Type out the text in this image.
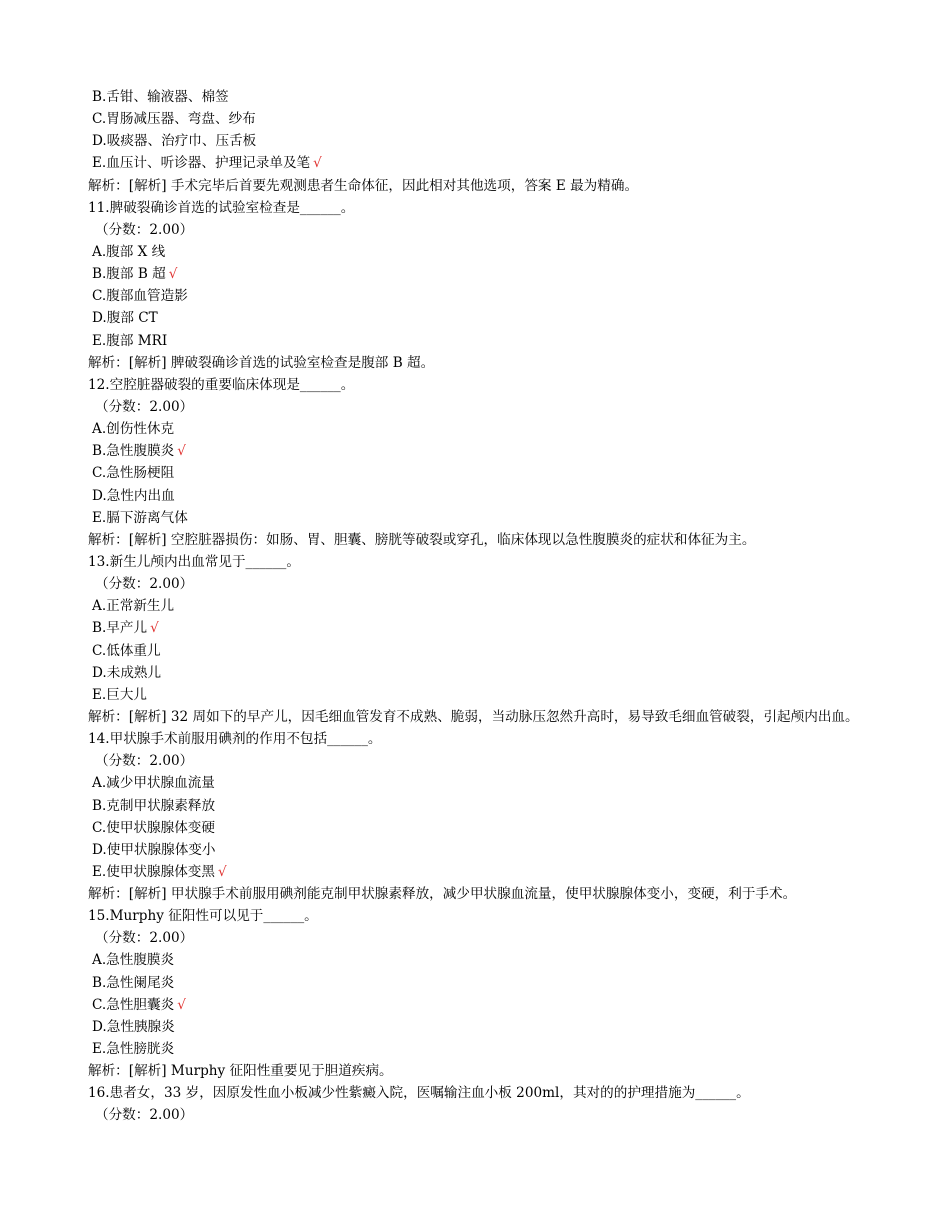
B.舌钳、输液器、棉签
C.胃肠减压器、弯盘、纱布
D.吸痰器、治疗巾、压舌板
E.血压计、听诊器、护理记录单及笔 √
解析：[解析] 手术完毕后首要先观测患者生命体征，因此相对其他选项，答案 E 最为精确。
11.脾破裂确诊首选的试验室检查是______。
（分数：2.00）
A.腹部 X 线
B.腹部 B 超 √
C.腹部血管造影
D.腹部 CT
E.腹部 MRI
解析：[解析] 脾破裂确诊首选的试验室检查是腹部 B 超。
12.空腔脏器破裂的重要临床体现是______。
（分数：2.00）
A.创伤性休克
B.急性腹膜炎 √
C.急性肠梗阻
D.急性内出血
E.膈下游离气体
解析：[解析] 空腔脏器损伤：如肠、胃、胆囊、膀胱等破裂或穿孔，临床体现以急性腹膜炎的症状和体征为主。
13.新生儿颅内出血常见于______。
（分数：2.00）
A.正常新生儿
B.早产儿 √
C.低体重儿
D.未成熟儿
E.巨大儿
解析：[解析] 32 周如下的早产儿，因毛细血管发育不成熟、脆弱，当动脉压忽然升高时，易导致毛细血管破裂，引起颅内出血。
14.甲状腺手术前服用碘剂的作用不包括______。
（分数：2.00）
A.减少甲状腺血流量
B.克制甲状腺素释放
C.使甲状腺腺体变硬
D.使甲状腺腺体变小
E.使甲状腺腺体变黑 √
解析：[解析] 甲状腺手术前服用碘剂能克制甲状腺素释放，减少甲状腺血流量，使甲状腺腺体变小，变硬，利于手术。
15.Murphy 征阳性可以见于______。
（分数：2.00）
A.急性腹膜炎
B.急性阑尾炎
C.急性胆囊炎 √
D.急性胰腺炎
E.急性膀胱炎
解析：[解析] Murphy 征阳性重要见于胆道疾病。
16.患者女，33 岁，因原发性血小板减少性紫癜入院，医嘱输注血小板 200ml，其对的的护理措施为______。
（分数：2.00）
